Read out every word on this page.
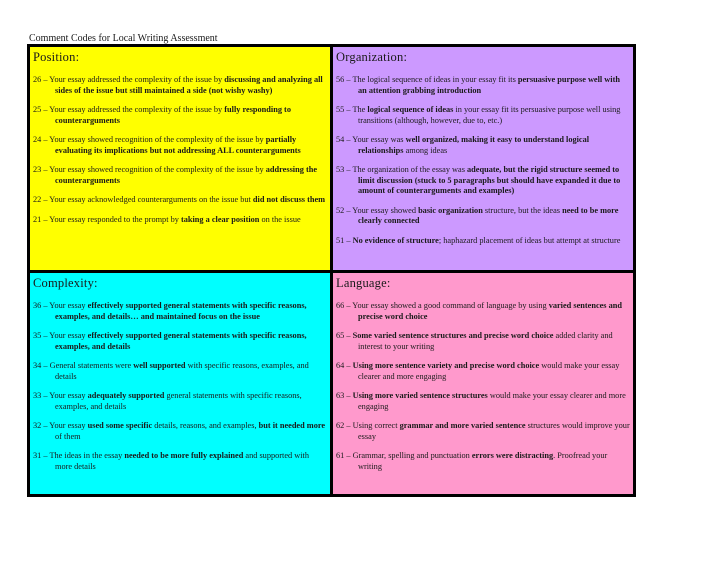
Comment Codes for Local Writing Assessment
Position:
26 – Your essay addressed the complexity of the issue by discussing and analyzing all sides of the issue but still maintained a side (not wishy washy)
25 – Your essay addressed the complexity of the issue by fully responding to counterarguments
24 – Your essay showed recognition of the complexity of the issue by partially evaluating its implications but not addressing ALL counterarguments
23 – Your essay showed recognition of the complexity of the issue by addressing the counterarguments
22 – Your essay acknowledged counterarguments on the issue but did not discuss them
21 – Your essay responded to the prompt by taking a clear position on the issue
Organization:
56 – The logical sequence of ideas in your essay fit its persuasive purpose well with an attention grabbing introduction
55 – The logical sequence of ideas in your essay fit its persuasive purpose well using transitions (although, however, due to, etc.)
54 – Your essay was well organized, making it easy to understand logical relationships among ideas
53 – The organization of the essay was adequate, but the rigid structure seemed to limit discussion (stuck to 5 paragraphs but should have expanded it due to amount of counterarguments and examples)
52 – Your essay showed basic organization structure, but the ideas need to be more clearly connected
51 – No evidence of structure; haphazard placement of ideas but attempt at structure
Complexity:
36 – Your essay effectively supported general statements with specific reasons, examples, and details… and maintained focus on the issue
35 – Your essay effectively supported general statements with specific reasons, examples, and details
34 – General statements were well supported with specific reasons, examples, and details
33 – Your essay adequately supported general statements with specific reasons, examples, and details
32 – Your essay used some specific details, reasons, and examples, but it needed more of them
31 – The ideas in the essay needed to be more fully explained and supported with more details
Language:
66 – Your essay showed a good command of language by using varied sentences and precise word choice
65 – Some varied sentence structures and precise word choice added clarity and interest to your writing
64 – Using more sentence variety and precise word choice would make your essay clearer and more engaging
63 – Using more varied sentence structures would make your essay clearer and more engaging
62 – Using correct grammar and more varied sentence structures would improve your essay
61 – Grammar, spelling and punctuation errors were distracting. Proofread your writing
